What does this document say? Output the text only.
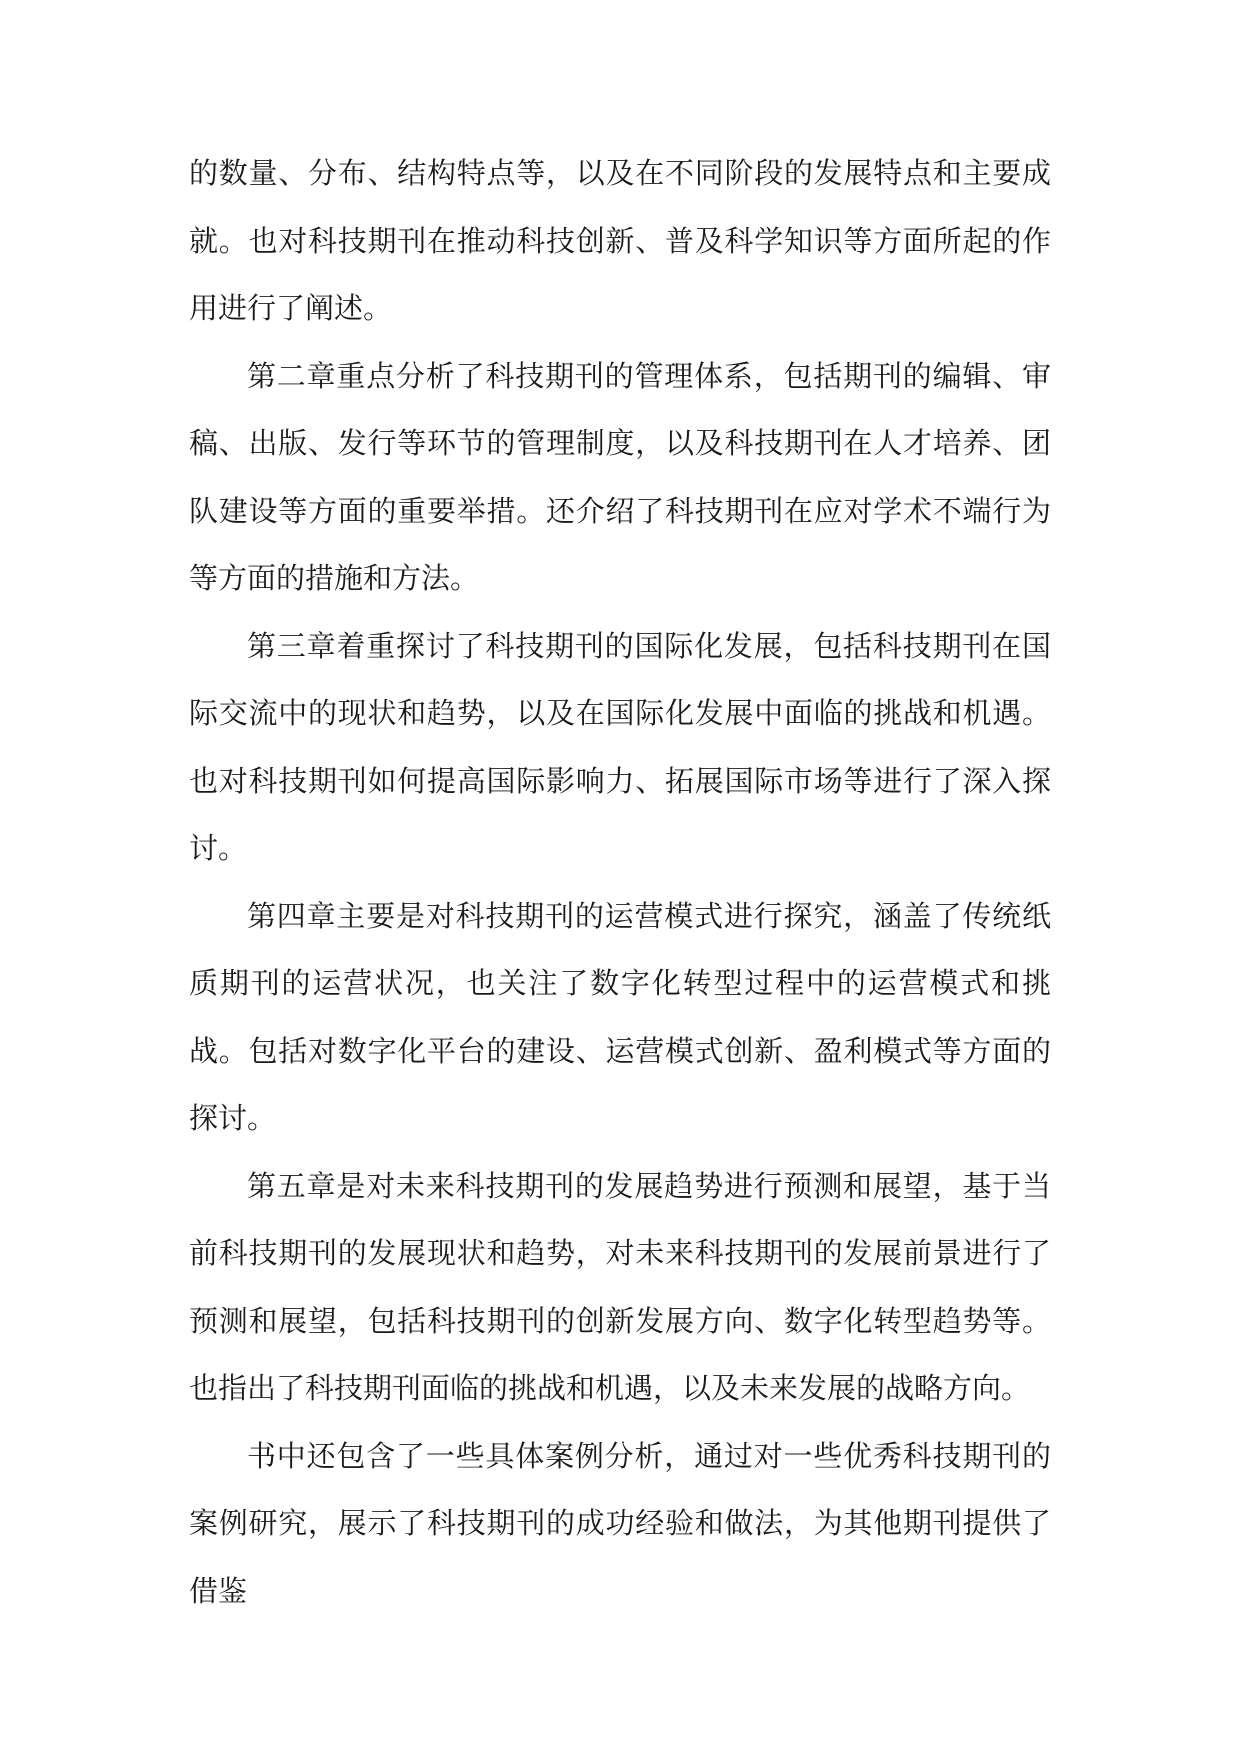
的数量、分布、结构特点等，以及在不同阶段的发展特点和主要成就。也对科技期刊在推动科技创新、普及科学知识等方面所起的作用进行了阐述。

第二章重点分析了科技期刊的管理体系，包括期刊的编辑、审稿、出版、发行等环节的管理制度，以及科技期刊在人才培养、团队建设等方面的重要举措。还介绍了科技期刊在应对学术不端行为等方面的措施和方法。

第三章着重探讨了科技期刊的国际化发展，包括科技期刊在国际交流中的现状和趋势，以及在国际化发展中面临的挑战和机遇。也对科技期刊如何提高国际影响力、拓展国际市场等进行了深入探讨。

第四章主要是对科技期刊的运营模式进行探究，涵盖了传统纸质期刊的运营状况，也关注了数字化转型过程中的运营模式和挑战。包括对数字化平台的建设、运营模式创新、盈利模式等方面的探讨。

第五章是对未来科技期刊的发展趋势进行预测和展望，基于当前科技期刊的发展现状和趋势，对未来科技期刊的发展前景进行了预测和展望，包括科技期刊的创新发展方向、数字化转型趋势等。也指出了科技期刊面临的挑战和机遇，以及未来发展的战略方向。

书中还包含了一些具体案例分析，通过对一些优秀科技期刊的案例研究，展示了科技期刊的成功经验和做法，为其他期刊提供了借鉴
